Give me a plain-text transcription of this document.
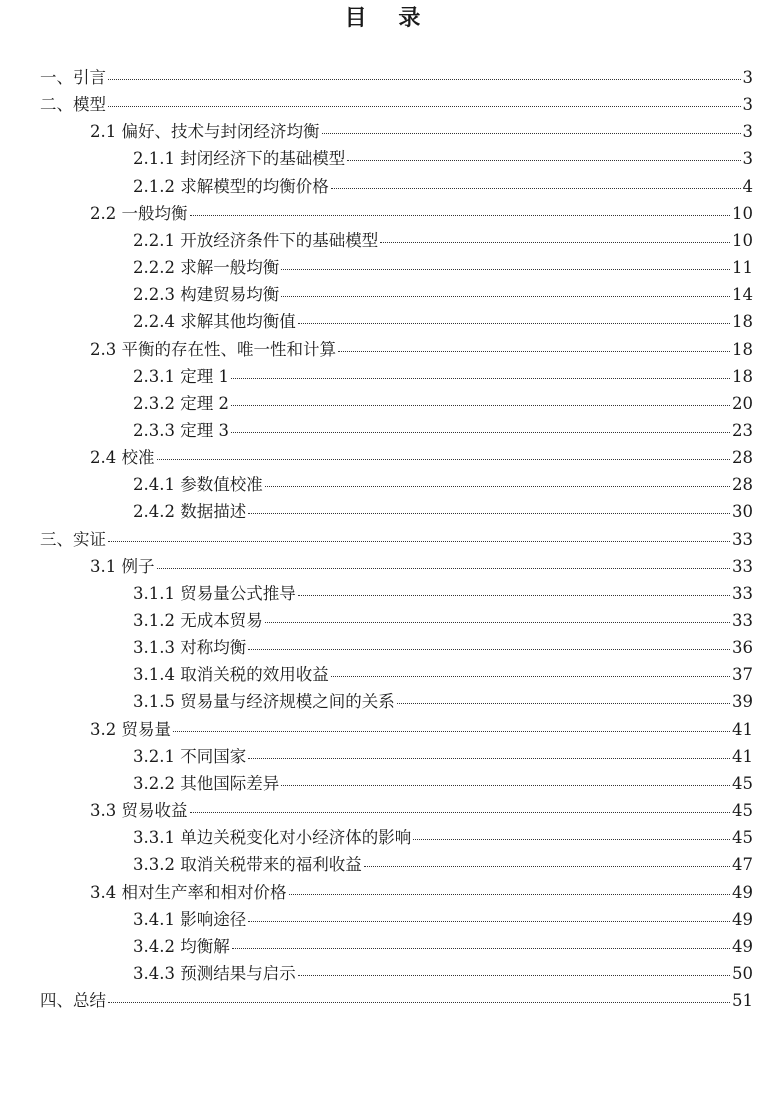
目 录
一、引言	3
二、模型	3
2.1 偏好、技术与封闭经济均衡	3
2.1.1 封闭经济下的基础模型	3
2.1.2 求解模型的均衡价格	4
2.2 一般均衡	10
2.2.1 开放经济条件下的基础模型	10
2.2.2 求解一般均衡	11
2.2.3 构建贸易均衡	14
2.2.4 求解其他均衡值	18
2.3 平衡的存在性、唯一性和计算	18
2.3.1 定理 1	18
2.3.2 定理 2	20
2.3.3 定理 3	23
2.4 校准	28
2.4.1 参数值校准	28
2.4.2 数据描述	30
三、实证	33
3.1 例子	33
3.1.1 贸易量公式推导	33
3.1.2 无成本贸易	33
3.1.3 对称均衡	36
3.1.4 取消关税的效用收益	37
3.1.5 贸易量与经济规模之间的关系	39
3.2 贸易量	41
3.2.1 不同国家	41
3.2.2 其他国际差异	45
3.3 贸易收益	45
3.3.1 单边关税变化对小经济体的影响	45
3.3.2 取消关税带来的福利收益	47
3.4 相对生产率和相对价格	49
3.4.1 影响途径	49
3.4.2 均衡解	49
3.4.3 预测结果与启示	50
四、总结	51
